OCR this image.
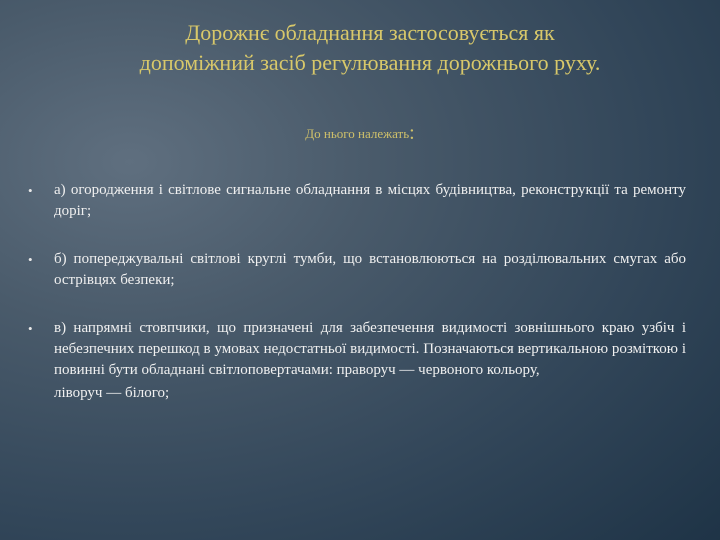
Дорожнє обладнання застосовується як
допоміжний засіб регулювання дорожнього руху.
До нього належать:
• а) огородження і світлове сигнальне обладнання в місцях будівництва, реконструкції та ремонту доріг;

• б) попереджувальні світлові круглі тумби, що встановлюються на розділювальних смугах або острівцях безпеки;

• в) напрямні стовпчики, що призначені для забезпечення видимості зовнішнього краю узбіч і небезпечних перешкод в умовах недостатньої видимості. Позначаються вертикальною розміткою і повинні бути обладнані світлоповертачами: праворуч — червоного кольору,

ліворуч — білого;
